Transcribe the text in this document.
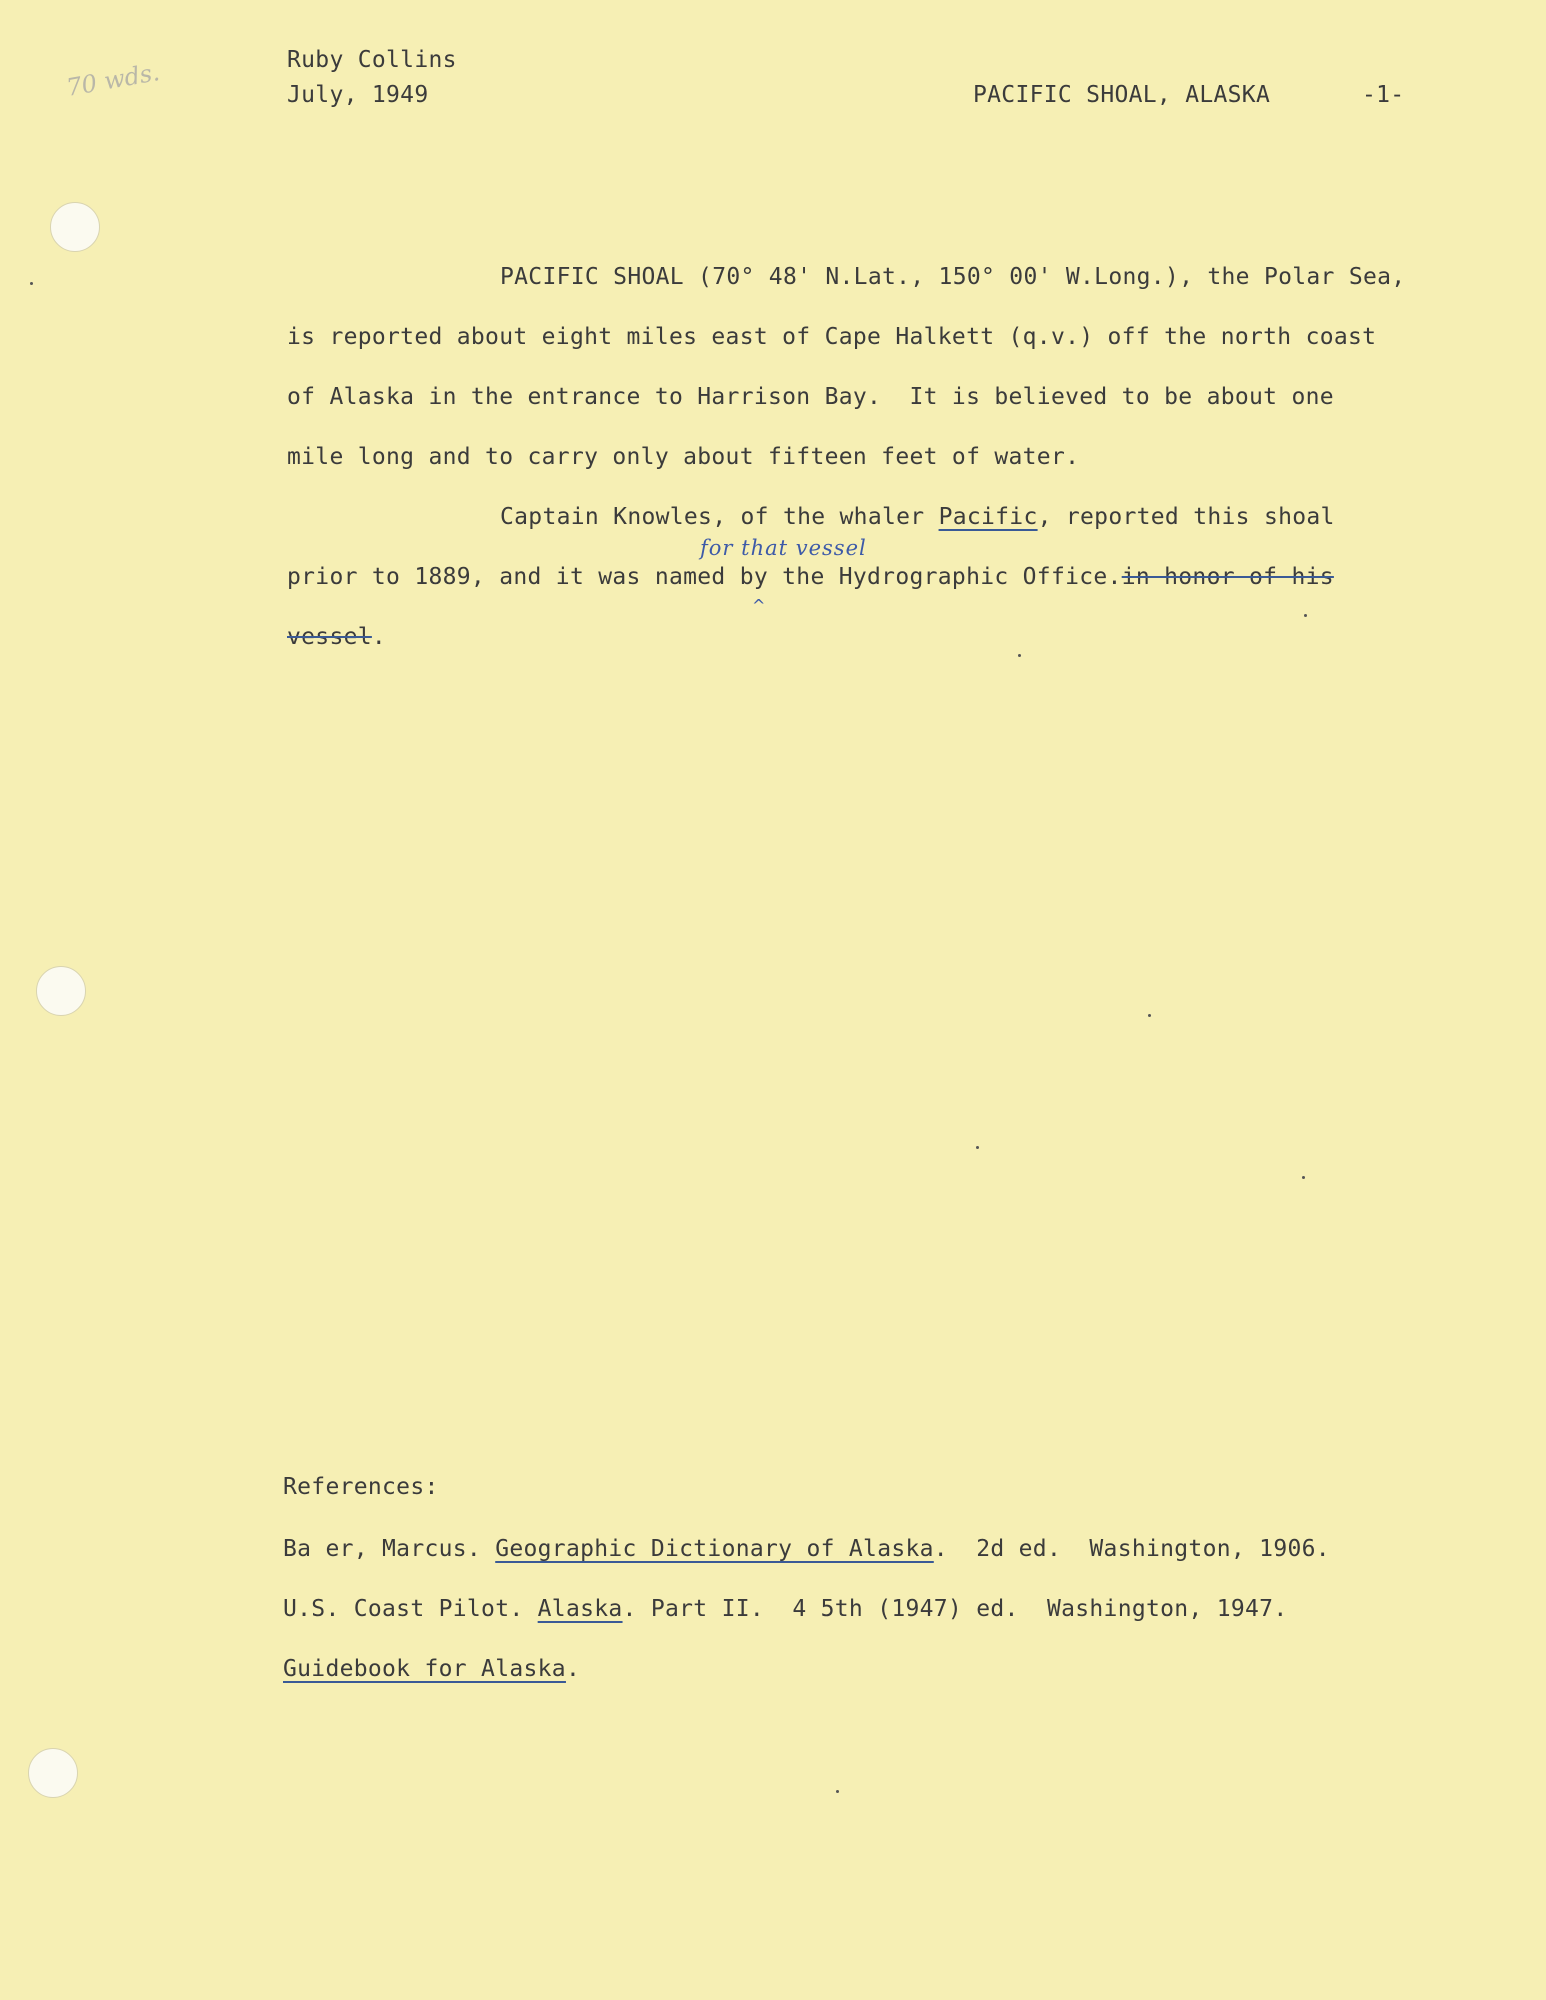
70 wds.	Ruby Collins
July, 1949	PACIFIC SHOAL, ALASKA	-1-
PACIFIC SHOAL (70° 48' N.Lat., 150° 00' W.Long.), the Polar Sea,
is reported about eight miles east of Cape Halkett (q.v.) off the north coast
of Alaska in the entrance to Harrison Bay.  It is believed to be about one
mile long and to carry only about fifteen feet of water.
Captain Knowles, of the whaler Pacific, reported this shoal
for that vessel
prior to 1889, and it was named by the Hydrographic Office.in honor of his
^
vessel.
References:
Ba er, Marcus. Geographic Dictionary of Alaska.  2d ed.  Washington, 1906.
U.S. Coast Pilot. Alaska. Part II.  4 5th (1947) ed.  Washington, 1947.
Guidebook for Alaska.
